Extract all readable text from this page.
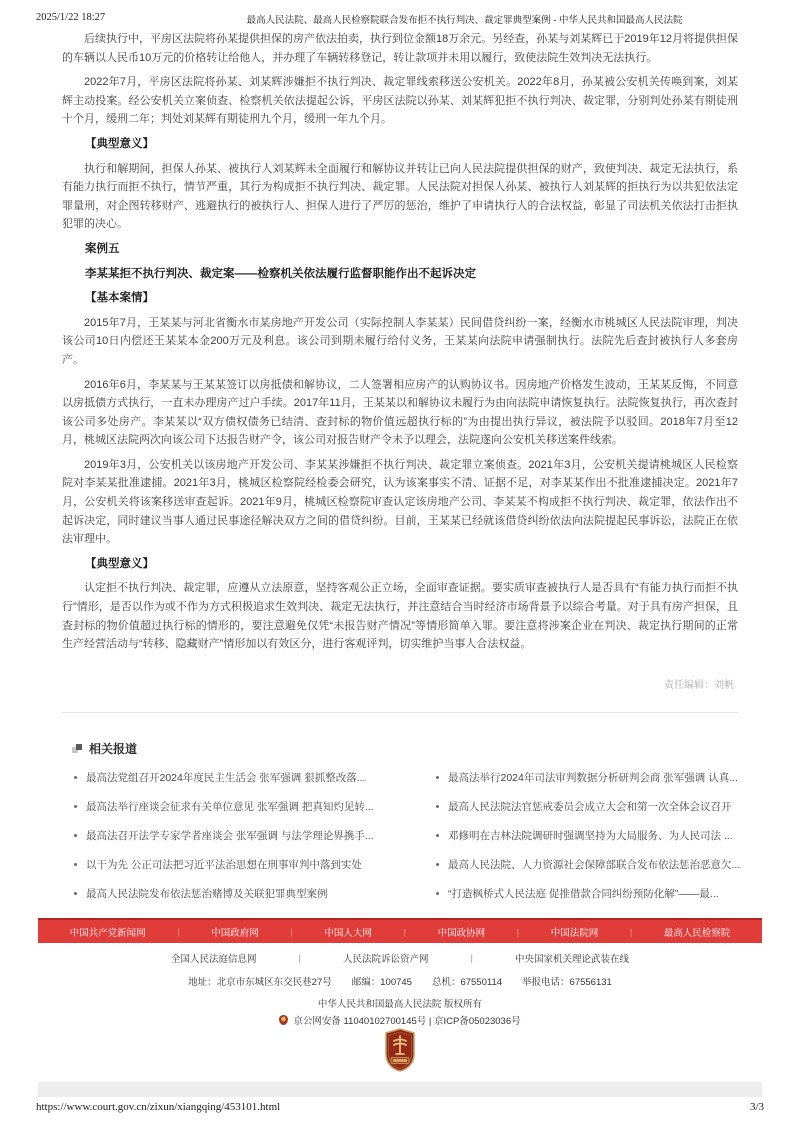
2025/1/22 18:27	最高人民法院、最高人民检察院联合发布拒不执行判决、裁定罪典型案例 - 中华人民共和国最高人民法院

后续执行中，平房区法院将孙某提供担保的房产依法拍卖，执行到位金额18万余元。另经查，孙某与刘某辉已于2019年12月将提供担保的车辆以人民币10万元的价格转让给他人，并办理了车辆转移登记，转让款项并未用以履行，致使法院生效判决无法执行。

2022年7月，平房区法院将孙某、刘某辉涉嫌拒不执行判决、裁定罪线索移送公安机关。2022年8月，孙某被公安机关传唤到案，刘某辉主动投案。经公安机关立案侦查、检察机关依法提起公诉，平房区法院以孙某、刘某辉犯拒不执行判决、裁定罪，分别判处孙某有期徒刑十个月，缓刑二年；判处刘某辉有期徒刑九个月，缓刑一年九个月。

【典型意义】

执行和解期间，担保人孙某、被执行人刘某辉未全面履行和解协议并转让已向人民法院提供担保的财产，致使判决、裁定无法执行，系有能力执行而拒不执行，情节严重，其行为构成拒不执行判决、裁定罪。人民法院对担保人孙某、被执行人刘某辉的拒执行为以共犯依法定罪量刑，对企图转移财产、逃避执行的被执行人、担保人进行了严厉的惩治，维护了申请执行人的合法权益，彰显了司法机关依法打击拒执犯罪的决心。

案例五

李某某拒不执行判决、裁定案——检察机关依法履行监督职能作出不起诉决定

【基本案情】

2015年7月，王某某与河北省衡水市某房地产开发公司（实际控制人李某某）民间借贷纠纷一案，经衡水市桃城区人民法院审理，判决该公司10日内偿还王某某本金200万元及利息。该公司到期未履行给付义务，王某某向法院申请强制执行。法院先后查封被执行人多套房产。

2016年6月，李某某与王某某签订以房抵债和解协议，二人签署相应房产的认购协议书。因房地产价格发生波动，王某某反悔，不同意以房抵债方式执行，一直未办理房产过户手续。2017年11月，王某某以和解协议未履行为由向法院申请恢复执行。法院恢复执行，再次查封该公司多处房产。李某某以“双方债权债务已结清、查封标的物价值远超执行标的”为由提出执行异议，被法院予以驳回。2018年7月至12月，桃城区法院两次向该公司下达报告财产令，该公司对报告财产令未予以理会，法院遂向公安机关移送案件线索。

2019年3月，公安机关以该房地产开发公司、李某某涉嫌拒不执行判决、裁定罪立案侦查。2021年3月，公安机关提请桃城区人民检察院对李某某批准逮捕。2021年3月，桃城区检察院经检委会研究，认为该案事实不清、证据不足，对李某某作出不批准逮捕决定。2021年7月，公安机关将该案移送审查起诉。2021年9月，桃城区检察院审查认定该房地产公司、李某某不构成拒不执行判决、裁定罪，依法作出不起诉决定，同时建议当事人通过民事途径解决双方之间的借贷纠纷。目前，王某某已经就该借贷纠纷依法向法院提起民事诉讼，法院正在依法审理中。

【典型意义】

认定拒不执行判决、裁定罪，应遵从立法原意，坚持客观公正立场，全面审查证据。要实质审查被执行人是否具有“有能力执行而拒不执行”情形，是否以作为或不作为方式积极追求生效判决、裁定无法执行，并注意结合当时经济市场背景予以综合考量。对于具有房产担保，且查封标的物价值超过执行标的情形的，要注意避免仅凭“未报告财产情况”等情形简单入罪。要注意将涉案企业在判决、裁定执行期间的正常生产经营活动与“转移、隐藏财产”情形加以有效区分，进行客观评判，切实维护当事人合法权益。

责任编辑：刘帆
相关报道
最高法党组召开2024年度民主生活会 张军强调 狠抓整改落...
最高法举行座谈会征求有关单位意见 张军强调 把真知灼见转...
最高法召开法学专家学者座谈会 张军强调 与法学理论界携手...
以干为先 公正司法把习近平法治思想在刑事审判中落到实处
最高人民法院发布依法惩治赌博及关联犯罪典型案例
最高法举行2024年司法审判数据分析研判会商 张军强调 认真...
最高人民法院法官惩戒委员会成立大会和第一次全体会议召开
邓修明在吉林法院调研时强调坚持为大局服务、为人民司法 ...
最高人民法院、人力资源社会保障部联合发布依法惩治恶意欠...
“打造枫桥式人民法庭 促推借款合同纠纷预防化解”——最...
中国共产党新闻网	|	中国政府网	|	中国人大网	|	中国政协网	|	中国法院网	|	最高人民检察院
全国人民法庭信息网	|	人民法院诉讼资产网	|	中央国家机关理论武装在线
地址：北京市东城区东交民巷27号 邮编：100745 总机：67550114 举报电话：67556131
中华人民共和国最高人民法院 版权所有
京公网安备 11040102700145号 | 京ICP备05023036号
https://www.court.gov.cn/zixun/xiangqing/453101.html	3/3
